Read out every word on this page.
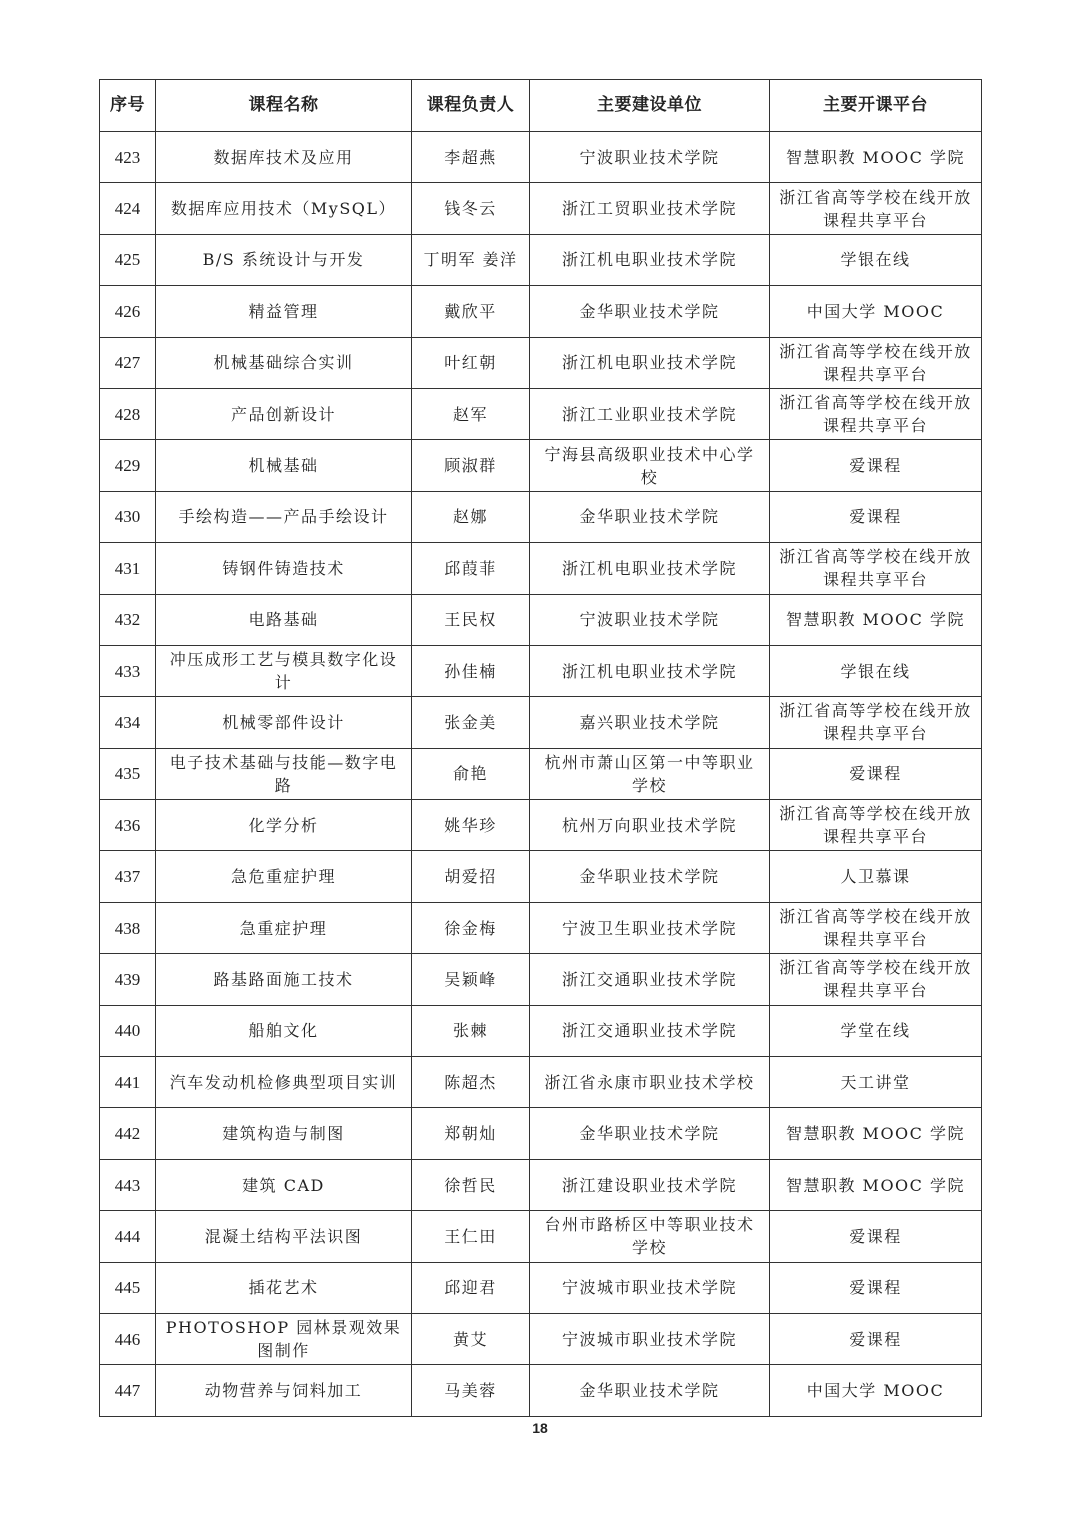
序号	课程名称	课程负责人	主要建设单位	主要开课平台
423	数据库技术及应用	李超燕	宁波职业技术学院	智慧职教 MOOC 学院
424	数据库应用技术（MySQL）	钱冬云	浙江工贸职业技术学院	浙江省高等学校在线开放课程共享平台
425	B/S 系统设计与开发	丁明军 姜洋	浙江机电职业技术学院	学银在线
426	精益管理	戴欣平	金华职业技术学院	中国大学 MOOC
427	机械基础综合实训	叶红朝	浙江机电职业技术学院	浙江省高等学校在线开放课程共享平台
428	产品创新设计	赵军	浙江工业职业技术学院	浙江省高等学校在线开放课程共享平台
429	机械基础	顾淑群	宁海县高级职业技术中心学校	爱课程
430	手绘构造——产品手绘设计	赵娜	金华职业技术学院	爱课程
431	铸钢件铸造技术	邱葭菲	浙江机电职业技术学院	浙江省高等学校在线开放课程共享平台
432	电路基础	王民权	宁波职业技术学院	智慧职教 MOOC 学院
433	冲压成形工艺与模具数字化设计	孙佳楠	浙江机电职业技术学院	学银在线
434	机械零部件设计	张金美	嘉兴职业技术学院	浙江省高等学校在线开放课程共享平台
435	电子技术基础与技能—数字电路	俞艳	杭州市萧山区第一中等职业学校	爱课程
436	化学分析	姚华珍	杭州万向职业技术学院	浙江省高等学校在线开放课程共享平台
437	急危重症护理	胡爱招	金华职业技术学院	人卫慕课
438	急重症护理	徐金梅	宁波卫生职业技术学院	浙江省高等学校在线开放课程共享平台
439	路基路面施工技术	吴颖峰	浙江交通职业技术学院	浙江省高等学校在线开放课程共享平台
440	船舶文化	张棘	浙江交通职业技术学院	学堂在线
441	汽车发动机检修典型项目实训	陈超杰	浙江省永康市职业技术学校	天工讲堂
442	建筑构造与制图	郑朝灿	金华职业技术学院	智慧职教 MOOC 学院
443	建筑 CAD	徐哲民	浙江建设职业技术学院	智慧职教 MOOC 学院
444	混凝土结构平法识图	王仁田	台州市路桥区中等职业技术学校	爱课程
445	插花艺术	邱迎君	宁波城市职业技术学院	爱课程
446	PHOTOSHOP 园林景观效果图制作	黄艾	宁波城市职业技术学院	爱课程
447	动物营养与饲料加工	马美蓉	金华职业技术学院	中国大学 MOOC
18
